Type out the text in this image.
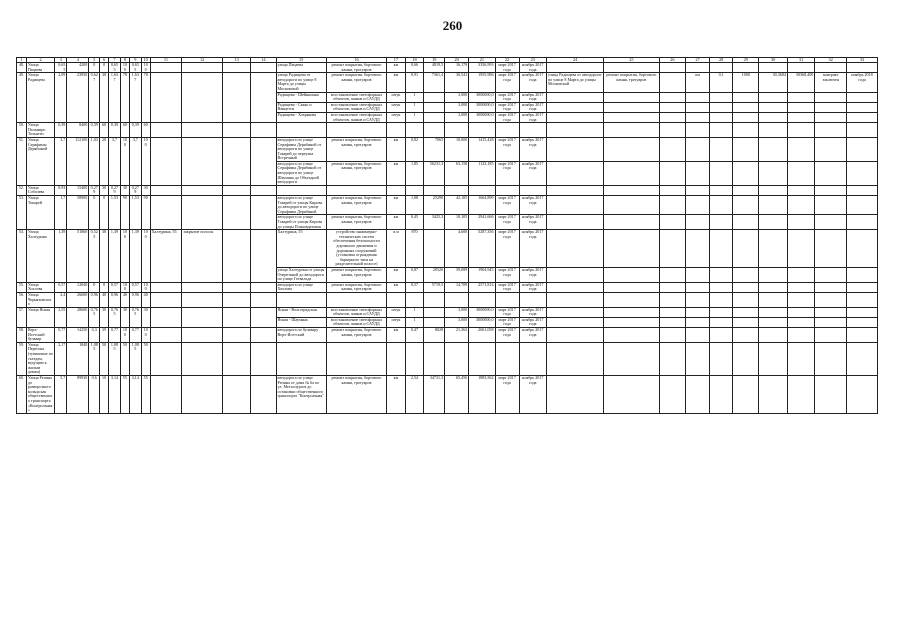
260
1	2	3	4	5	6	7	8	9	10	11	12	13	14	15	16	17	18	19	20	21	22	23	24	25	26	27	28	29	30	31	32	33
48.	Улица Пацаева	0,655	4200	0	0	0,655	100	0,655	100					улица Пацаева	ремонт покрытия, бортового камня, тротуаров	км	0,66	4819,5	16,179	3356,993	март 2017 года	ноябрь 2017 года										
49.	Улица Радищева	2,09	23950	0,627	30	1,637	78	1,637	78					улица Радищева от автодороги по улице 8 Марта до улицы Московской	ремонт покрытия, бортового камня, тротуаров	км	0,91	7361,4	30,541	1955,986	март 2017 года	ноябрь 2017 года	улица Радищева от автодороги по улице 8 Марта до улицы Московской	ремонт покрытия, бортового камня, тротуаров		км	0,1	1000	30,3684	30368,400	контракт заключен	ноябрь 2018 года
														Радищева - Шейнкмана	восстановление светофорных объектов, знаков и САУДД	штук	1		3,000	3000000,0	март 2017 года	ноябрь 2017 года										
														Радищева - Сакко и Ванцетти	восстановление светофорных объектов, знаков и САУДД	штук	1		3,000	3000000,0	март 2017 года	ноябрь 2017 года										
														Радищева - Хохрякова	восстановление светофорных объектов, знаков и САУДД	штук	1		3,000	3000000,0	март 2017 года	ноябрь 2017 года										
50.	Улица Пальмиро Тольятти	0,39	8400	0,39	60	0,39	60	0,39	60																							
51.	Улица Серафимы Дерябиной	3,7	112100	1,03	28	3,7	100	3,7	100					автодорога по улице Серафимы Дерябиной от автодороги по улице Токарей до переулка Встречный	ремонт покрытия, бортового камня, тротуаров	км	0,82	7065	10,000	1415,428	март 2017 года	ноябрь 2017 года										
														автодорога по улице Серафимы Дерябиной от автодороги по улице Шаумяна до Объездной автодороги	ремонт покрытия, бортового камня, тротуаров	км	1,85	56231,3	63,158	1123,185	март 2017 года	ноябрь 2017 года										
52.	Улица Соболева	0,93	15400	0,279	30	0,279	30	0,279	30																							
53.	Улица Токарей	1,7	58900	0	0	1,53	90	1,53	90					автодорога по улице Токарей от улицы Кирова до автодороги по улице Серафимы Дерябиной	ремонт покрытия, бортового камня, тротуаров	км	1,08	25290	42,105	1664,899	март 2017 года	ноябрь 2017 года										
														автодорога по улице Токарей от улицы Кирова до улицы Плановдатовая	ремонт покрытия, бортового камня, тротуаров	км	0,45	3425,3	10,105	2941,666	март 2017 года	ноябрь 2017 года										
54.	Улица Халтурина	1,39	51860	0,525	38	1,39	100	1,39	100	Халтурина, 55	закрытие полосы			Халтурина, 55	устройство инженерно-технических систем обеспечения безопасности дорожного движения и дорожных сооружений (установка ограждения барьерного типа на разделительной полосе)	п.м	870		4,600	5287,356	март 2017 года	ноябрь 2017 года										
														улица Халтурина от улицы Очеретяной до автодороги по улице Готвальда	ремонт покрытия, бортового камня, тротуаров	км	0,87	20520	39,089	1904,945	март 2017 года	ноябрь 2017 года										
55.	Улица Хохлова	0,57	12040	0	0	0,57	100	0,57	100					автодорога по улице Хохлова	ремонт покрытия, бортового камня, тротуаров	км	0,57	5719,5	14,709	2571,814	март 2017 года	ноябрь 2017 года										
56.	Улица Черняховского	2,4	26600	0,96	40	0,96	40	0,96	40																							
57.	Улица Ясная	2,55	28680	0,765	30	0,765	30	0,765	30					Ясная - Волгоградская	восстановление светофорных объектов, знаков и САУДД	штук	1		3,000	3000000,0	март 2017 года	ноябрь 2017 года										
														Ясная - Шаумяна	восстановление светофорных объектов, знаков и САУДД	штук	1		3,000	3000000,0	март 2017 года	ноябрь 2017 года										
58.	Верх-Исетский бульвар	0,77	14250	0,3	39	0,77	100	0,77	100					автодорога по бульвару Верх-Исетский	ремонт покрытия, бортового камня, тротуаров	км	0,47	8028	21,363	2661,058	март 2017 года	ноябрь 2017 года										
59.	Улица Перегона (тупиковые по съездам, ведущим к жилым домам)	2,17	1840	1,085	50	1,085	50	1,085	50																							
60.	Улица Репина до разворотного кольца как общественного транспорта «Контрольная»	5,7	89930	0,6	10	3,14	55	3,14	55					автодорога по улице Репина от дома № 6а по ул. Металлургов до остановки общественного транспорта "Контрольная"	ремонт покрытия, бортового камня, тротуаров	км	2,54	34731,3	65,456	1883,562	март 2017 года	ноябрь 2017 года										
